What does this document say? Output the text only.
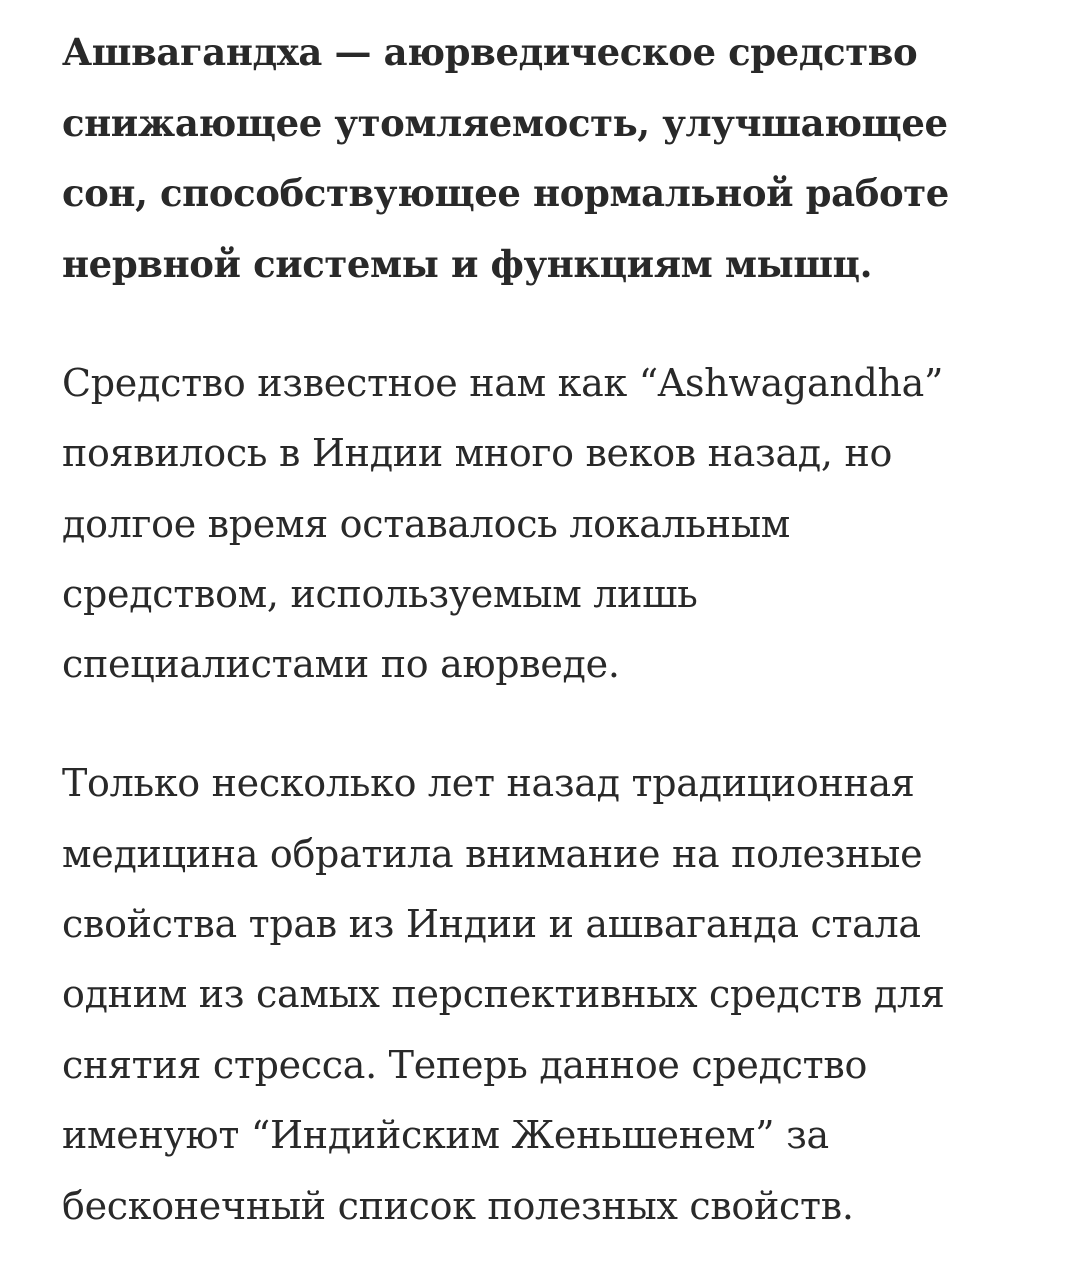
Ашвагандха — аюрведическое средство
снижающее утомляемость, улучшающее
сон, способствующее нормальной работе
нервной системы и функциям мышц.
Средство известное нам как “Ashwagandha”
появилось в Индии много веков назад, но
долгое время оставалось локальным
средством, используемым лишь
специалистами по аюрведе.
Только несколько лет назад традиционная
медицина обратила внимание на полезные
свойства трав из Индии и ашваганда стала
одним из самых перспективных средств для
снятия стресса. Теперь данное средство
именуют “Индийским Женьшенем” за
бесконечный список полезных свойств.
